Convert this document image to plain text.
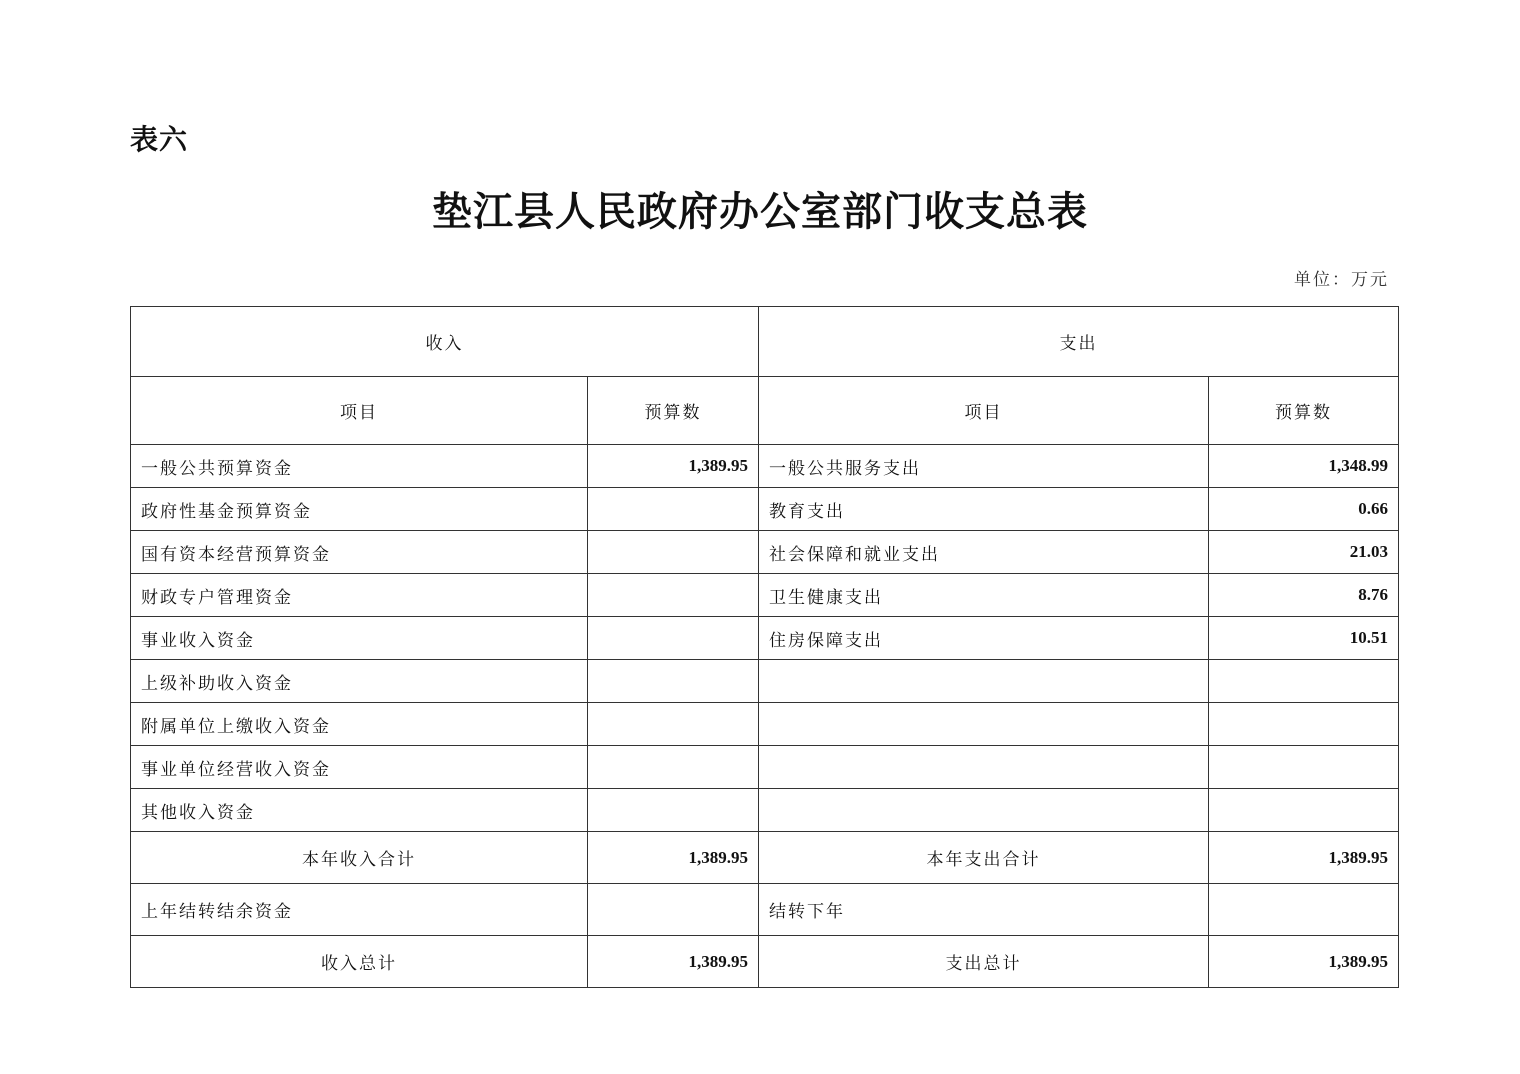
表六
垫江县人民政府办公室部门收支总表
单位：万元
收入		支出	
项目	预算数	项目	预算数
一般公共预算资金	1,389.95	一般公共服务支出	1,348.99
政府性基金预算资金		教育支出	0.66
国有资本经营预算资金		社会保障和就业支出	21.03
财政专户管理资金		卫生健康支出	8.76
事业收入资金		住房保障支出	10.51
上级补助收入资金			
附属单位上缴收入资金			
事业单位经营收入资金			
其他收入资金			
本年收入合计	1,389.95	本年支出合计	1,389.95
上年结转结余资金		结转下年	
收入总计	1,389.95	支出总计	1,389.95
